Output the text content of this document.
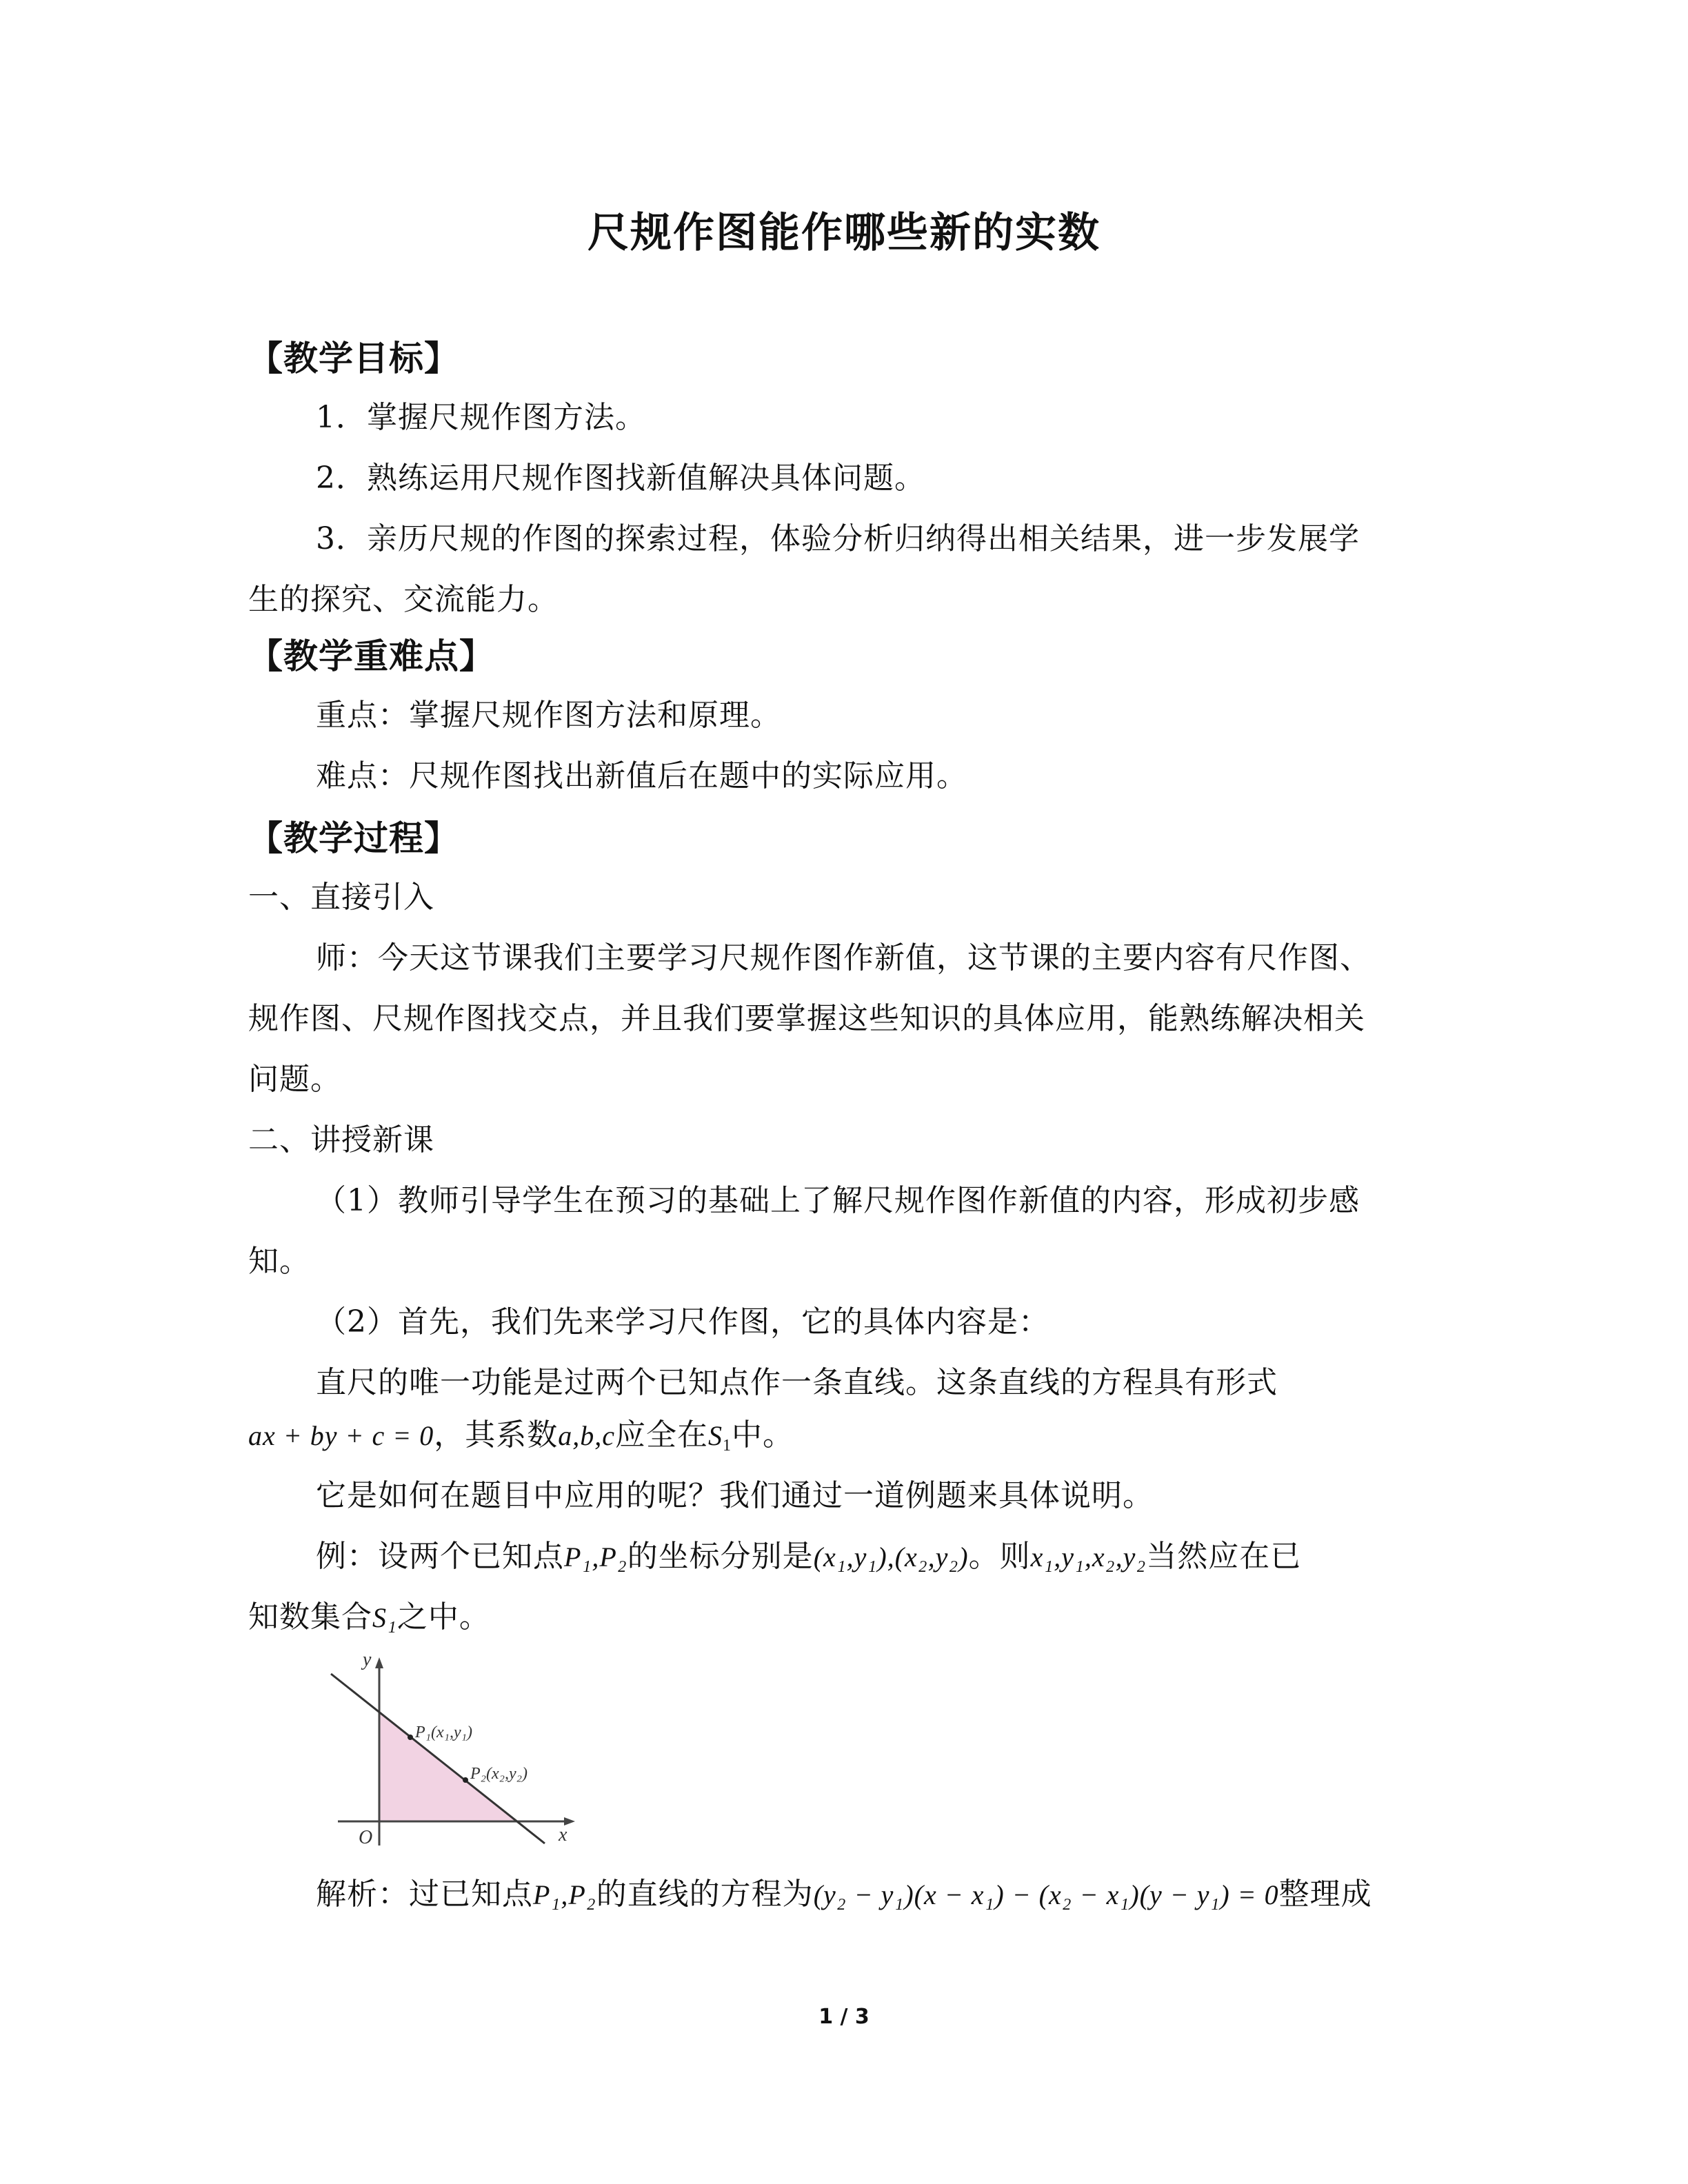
尺规作图能作哪些新的实数
【教学目标】
1．掌握尺规作图方法。
2．熟练运用尺规作图找新值解决具体问题。
3．亲历尺规的作图的探索过程，体验分析归纳得出相关结果，进一步发展学
生的探究、交流能力。
【教学重难点】
重点：掌握尺规作图方法和原理。
难点：尺规作图找出新值后在题中的实际应用。
【教学过程】
一、直接引入
师：今天这节课我们主要学习尺规作图作新值，这节课的主要内容有尺作图、
规作图、尺规作图找交点，并且我们要掌握这些知识的具体应用，能熟练解决相关
问题。
二、讲授新课
（1）教师引导学生在预习的基础上了解尺规作图作新值的内容，形成初步感
知。
（2）首先，我们先来学习尺作图，它的具体内容是：
直尺的唯一功能是过两个已知点作一条直线。这条直线的方程具有形式
ax + by + c = 0，其系数a,b,c应全在$S_1$中。
它是如何在题目中应用的呢？我们通过一道例题来具体说明。
例：设两个已知点P₁,P₂的坐标分别是(x₁,y₁),(x₂,y₂)。则x₁,y₁,x₂,y₂当然应在已
知数集合S₁之中。
y
x
O
P₁(x₁,y₁)
P₂(x₂,y₂)
解析：过已知点P₁,P₂的直线的方程为(y₂ − y₁)(x − x₁) − (x₂ − x₁)(y − y₁) = 0整理成
1 / 3
